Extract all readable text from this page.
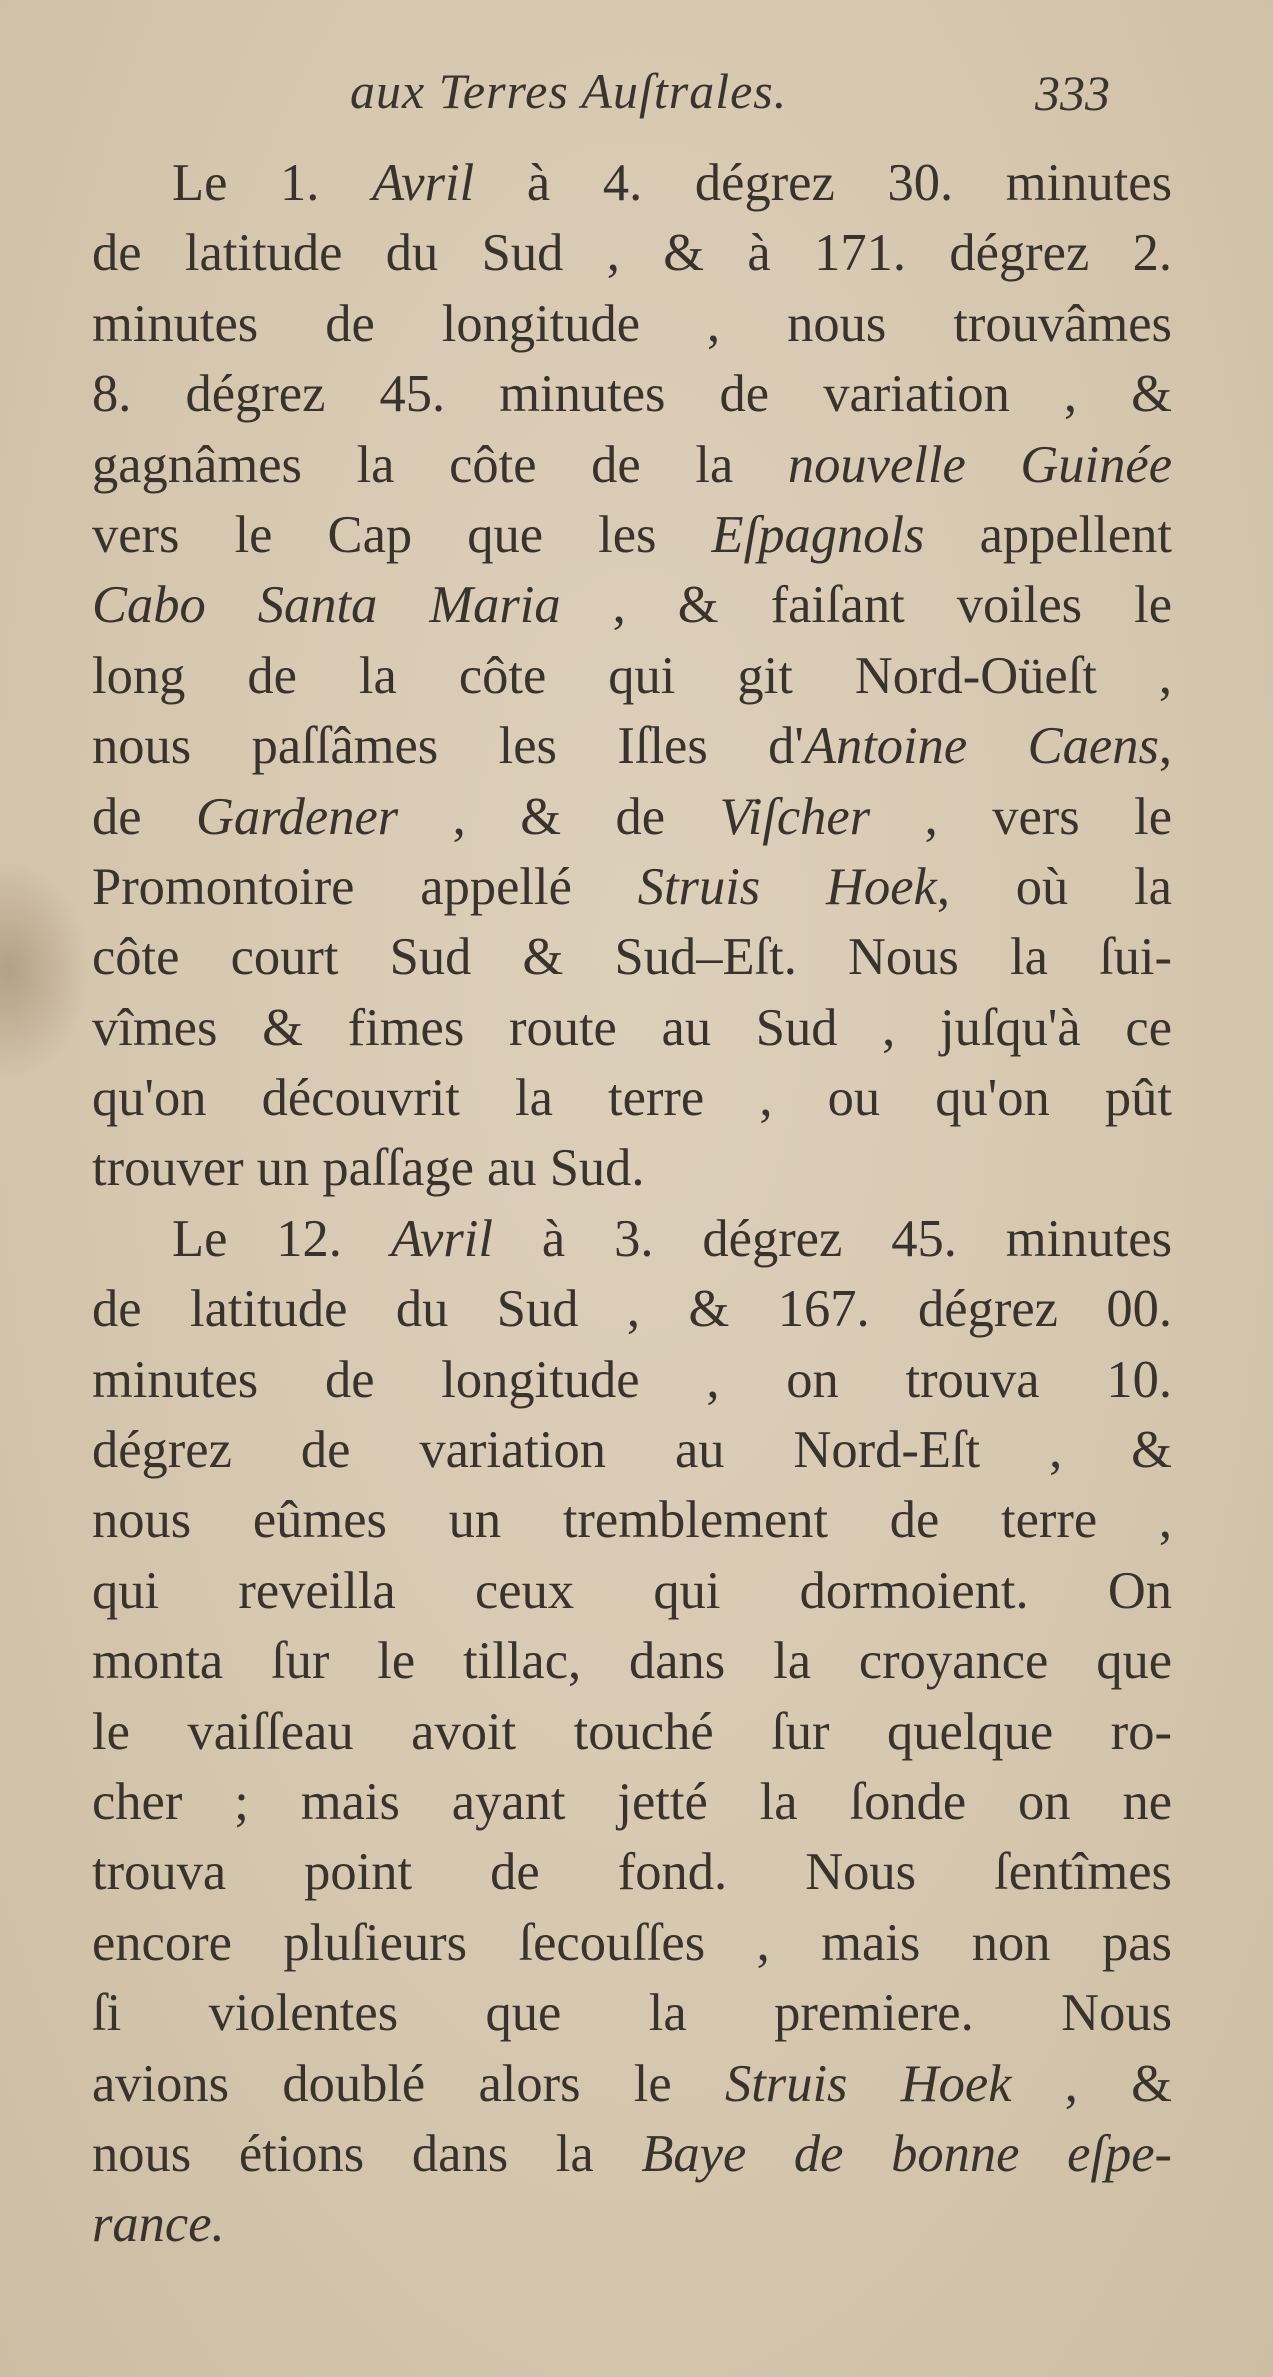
aux Terres Auſtrales.	333
Le 1. Avril à 4. dégrez 30. minutes
de latitude du Sud , & à 171. dégrez 2.
minutes de longitude , nous trouvâmes
8. dégrez 45. minutes de variation , &
gagnâmes la côte de la nouvelle Guinée
vers le Cap que les Eſpagnols appellent
Cabo Santa Maria , & faiſant voiles le
long de la côte qui git Nord-Oüeſt ,
nous paſſâmes les Iſles d'Antoine Caens,
de Gardener , & de Viſcher , vers le
Promontoire appellé Struis Hoek, où la
côte court Sud & Sud–Eſt. Nous la ſui-
vîmes & fimes route au Sud , juſqu'à ce
qu'on découvrit la terre , ou qu'on pût
trouver un paſſage au Sud.
Le 12. Avril à 3. dégrez 45. minutes
de latitude du Sud , & 167. dégrez 00.
minutes de longitude , on trouva 10.
dégrez de variation au Nord-Eſt , &
nous eûmes un tremblement de terre ,
qui reveilla ceux qui dormoient. On
monta ſur le tillac, dans la croyance que
le vaiſſeau avoit touché ſur quelque ro-
cher ; mais ayant jetté la ſonde on ne
trouva point de fond. Nous ſentîmes
encore pluſieurs ſecouſſes , mais non pas
ſi violentes que la premiere. Nous
avions doublé alors le Struis Hoek , &
nous étions dans la Baye de bonne eſpe-
rance.
